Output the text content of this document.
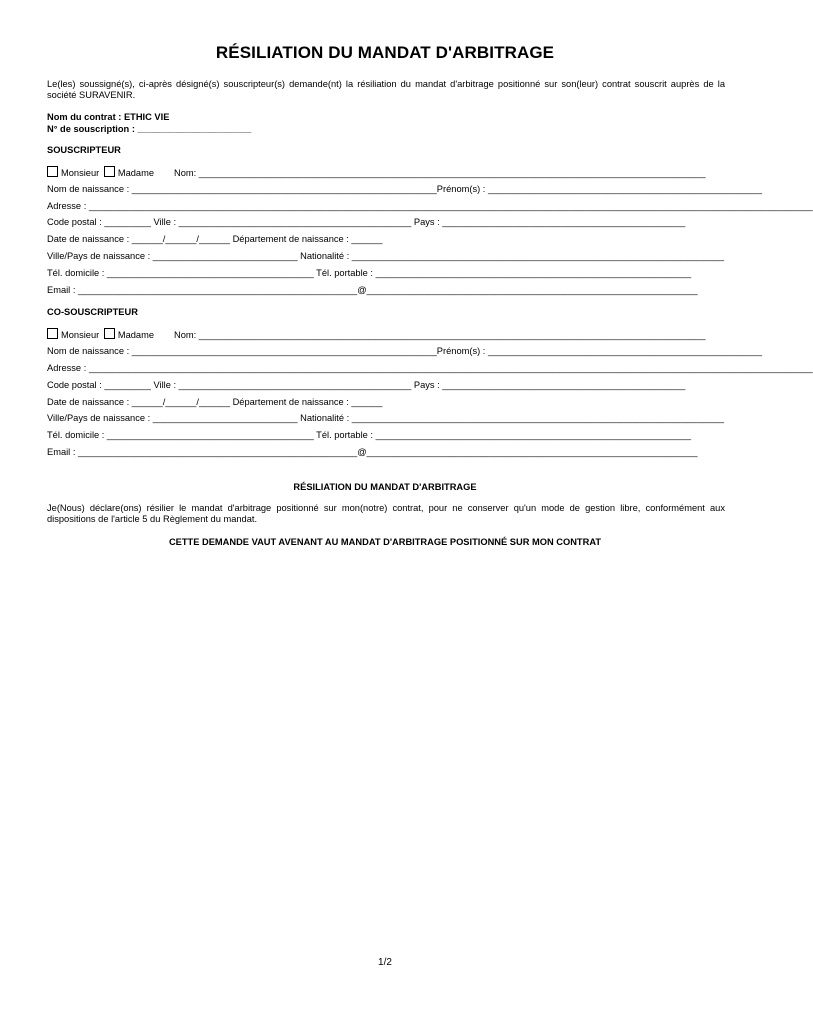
RÉSILIATION DU MANDAT D'ARBITRAGE

Le(les) soussigné(s), ci-après désigné(s) souscripteur(s) demande(nt) la résiliation du mandat d'arbitrage positionné sur son(leur) contrat souscrit auprès de la société SURAVENIR.

Nom du contrat : ETHIC VIE
N° de souscription : ______________________
SOUSCRIPTEUR
Monsieur Madame Nom: __________________________________________________________________________________________________
Nom de naissance : ___________________________________________________________Prénom(s) : _____________________________________________________
Adresse : ____________________________________________________________________________________________________________________________________________
Code postal : _________ Ville : _____________________________________________ Pays : _______________________________________________
Date de naissance : ______/______/______ Département de naissance : ______
Ville/Pays de naissance : ____________________________ Nationalité : ________________________________________________________________________
Tél. domicile : ________________________________________ Tél. portable : _____________________________________________________________
Email : ______________________________________________________@________________________________________________________________
CO-SOUSCRIPTEUR
Monsieur Madame Nom: __________________________________________________________________________________________________
Nom de naissance : ___________________________________________________________Prénom(s) : _____________________________________________________
Adresse : ____________________________________________________________________________________________________________________________________________
Code postal : _________ Ville : _____________________________________________ Pays : _______________________________________________
Date de naissance : ______/______/______ Département de naissance : ______
Ville/Pays de naissance : ____________________________ Nationalité : ________________________________________________________________________
Tél. domicile : ________________________________________ Tél. portable : _____________________________________________________________
Email : ______________________________________________________@________________________________________________________________
RÉSILIATION DU MANDAT D'ARBITRAGE

Je(Nous) déclare(ons) résilier le mandat d'arbitrage positionné sur mon(notre) contrat, pour ne conserver qu'un mode de gestion libre, conformément aux dispositions de l'article 5 du Règlement du mandat.

CETTE DEMANDE VAUT AVENANT AU MANDAT D'ARBITRAGE POSITIONNÉ SUR MON CONTRAT
1/2
